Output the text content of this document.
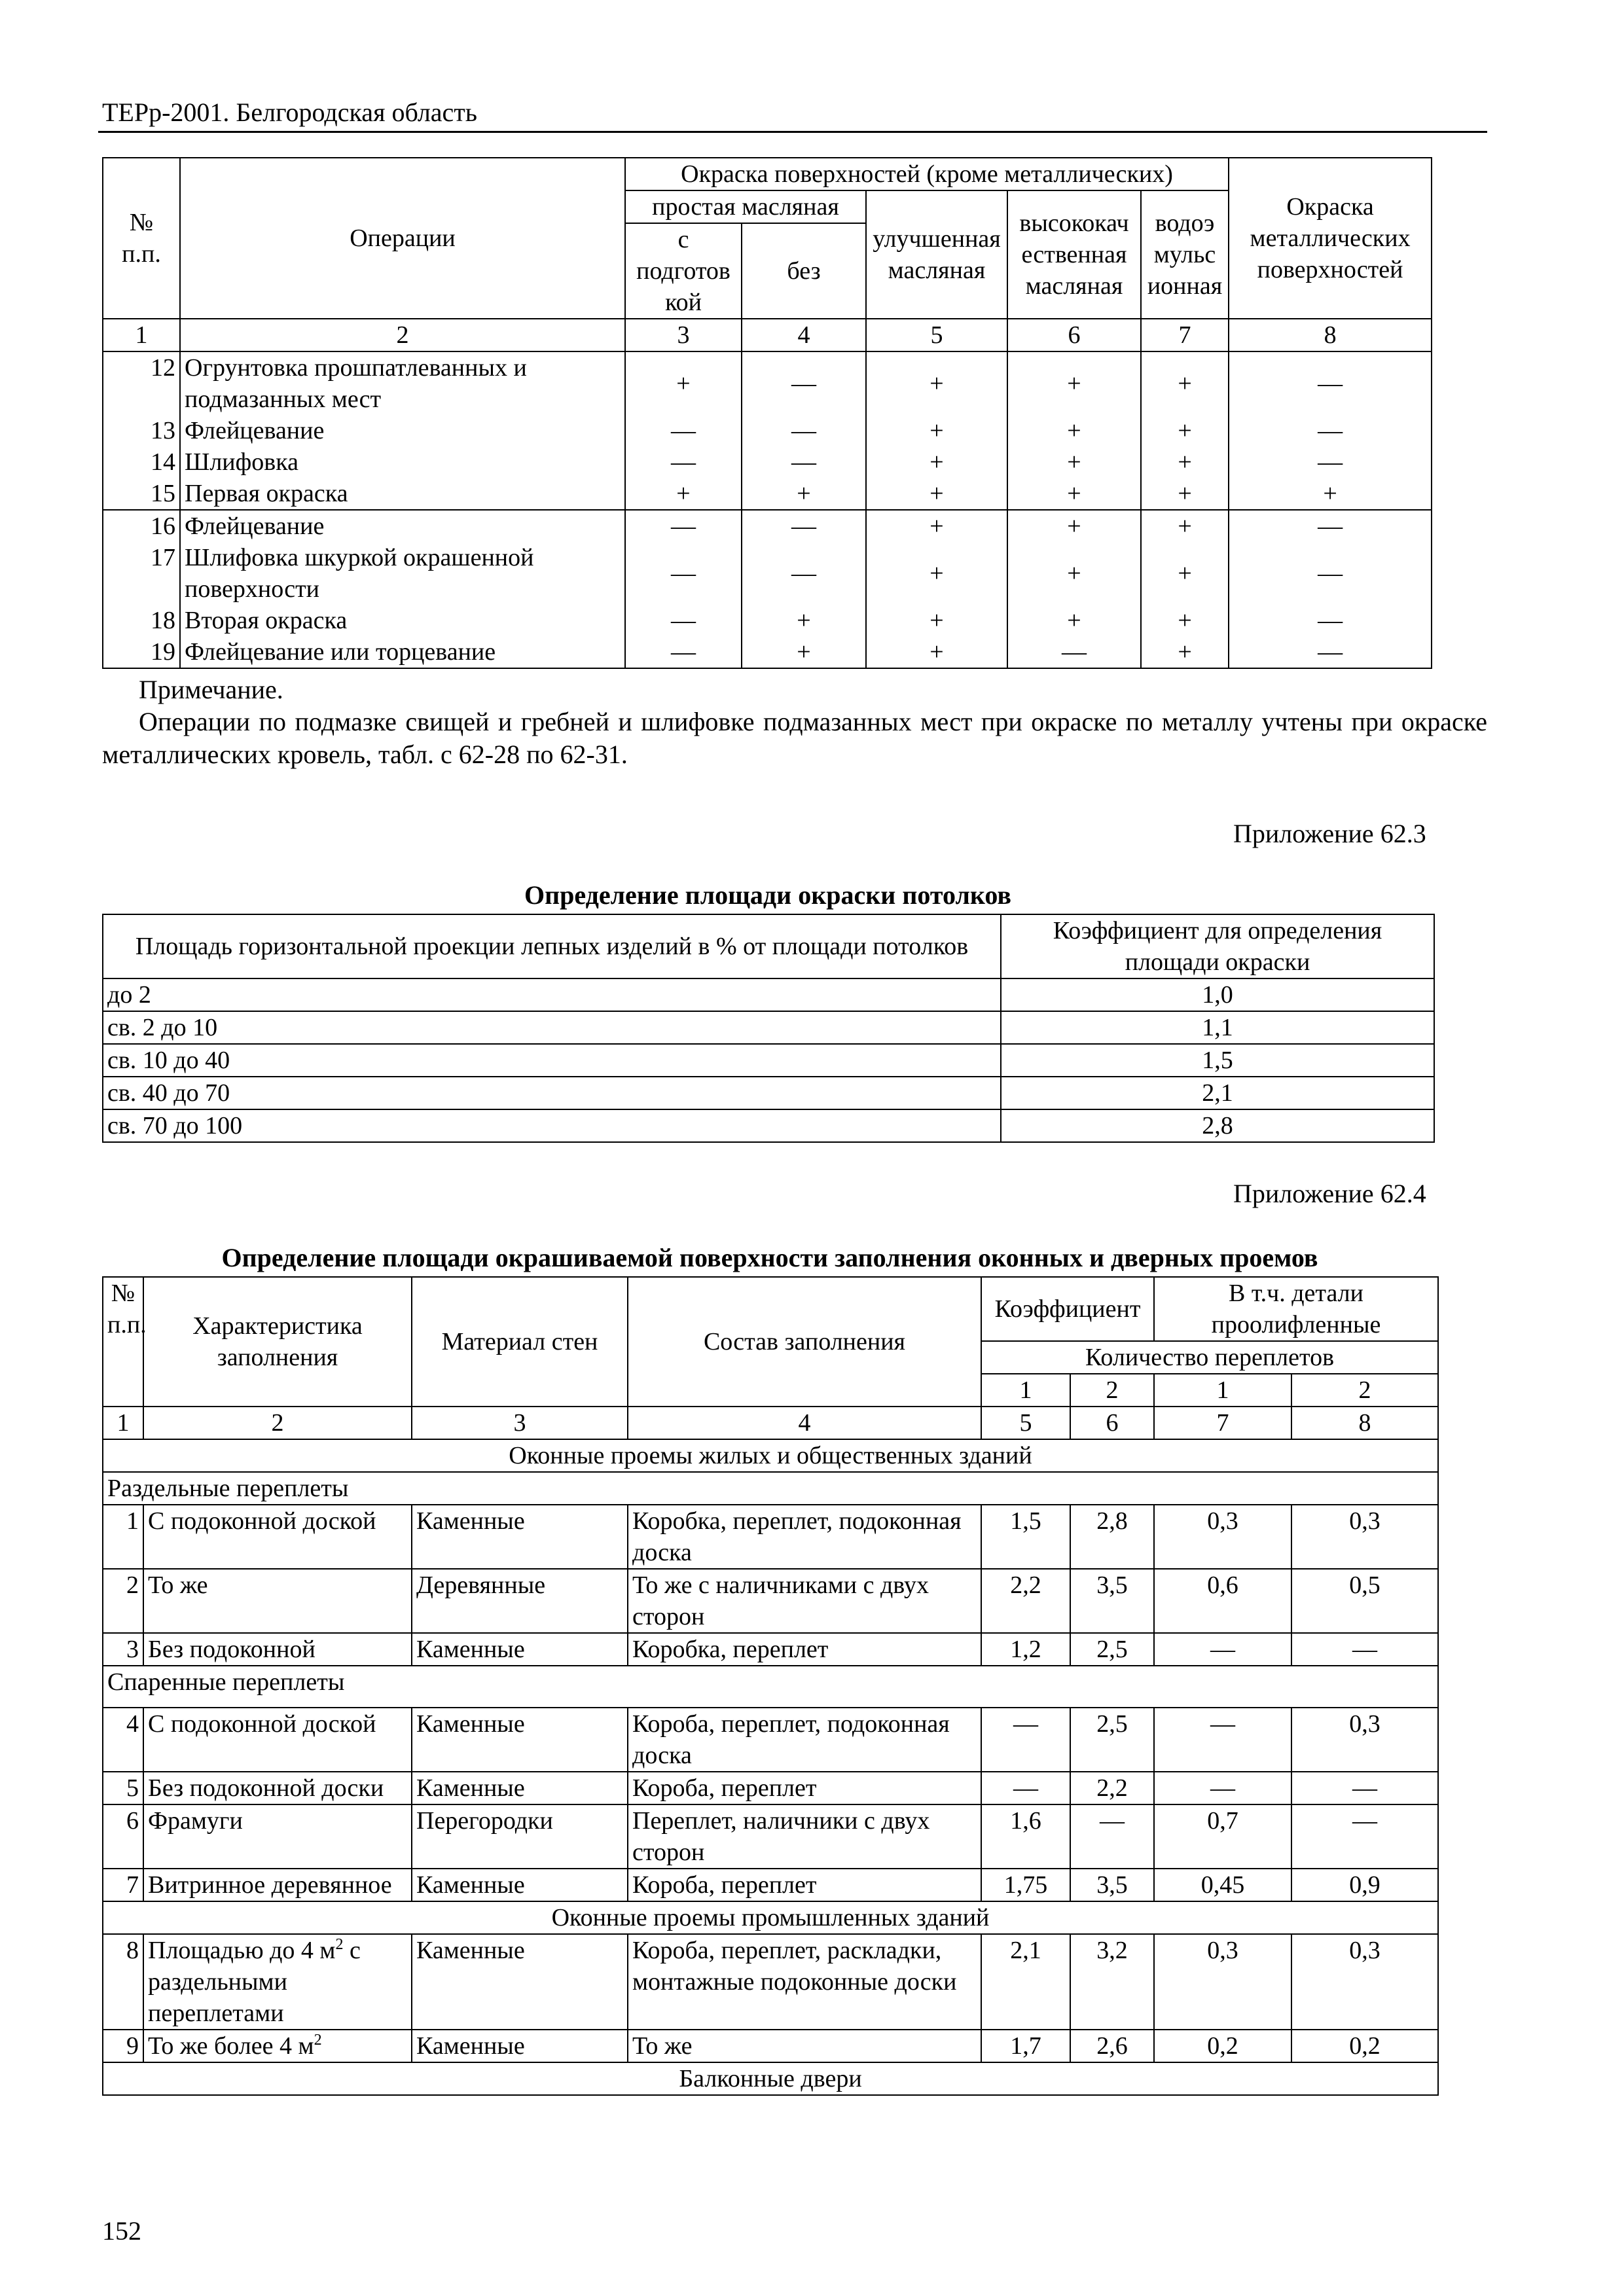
ТЕРр-2001. Белгородская область
№ п.п.	Операции	Окраска поверхностей (кроме металлических)					Окраска металлических поверхностей
		простая масляная		улучшенная масляная	высококач ественная масляная	водоэ мульс ионная	
		с подготов кой	без				
1	2	3	4	5	6	7	8
12	Огрунтовка прошпатлеванных и подмазанных мест	+	—	+	+	+	—
13	Флейцевание	—	—	+	+	+	—
14	Шлифовка	—	—	+	+	+	—
15	Первая окраска	+	+	+	+	+	+
16	Флейцевание	—	—	+	+	+	—
17	Шлифовка шкуркой окрашенной поверхности	—	—	+	+	+	—
18	Вторая окраска	—	+	+	+	+	—
19	Флейцевание или торцевание	—	+	+	—	+	—
Примечание.
Операции по подмазке свищей и гребней и шлифовке подмазанных мест при окраске по металлу учтены при окраске металлических кровель, табл. с 62-28 по 62-31.
Приложение 62.3
Определение площади окраски потолков
Площадь горизонтальной проекции лепных изделий в % от площади потолков	Коэффициент для определения площади окраски
до 2	1,0
св. 2 до 10	1,1
св. 10 до 40	1,5
св. 40 до 70	2,1
св. 70 до 100	2,8
Приложение 62.4
Определение площади окрашиваемой поверхности заполнения оконных и дверных проемов
№ п.п.	Характеристика заполнения	Материал стен	Состав заполнения	Коэффициент		В т.ч. детали проолифленные	
				Количество переплетов			
				1	2	1	2
1	2	3	4	5	6	7	8
Оконные проемы жилых и общественных зданий							
Раздельные переплеты							
1	С подоконной доской	Каменные	Коробка, переплет, подоконная доска	1,5	2,8	0,3	0,3
2	То же	Деревянные	То же с наличниками с двух сторон	2,2	3,5	0,6	0,5
3	Без подоконной	Каменные	Коробка, переплет	1,2	2,5	—	—
Спаренные переплеты							
4	С подоконной доской	Каменные	Короба, переплет, подоконная доска	—	2,5	—	0,3
5	Без подоконной доски	Каменные	Короба, переплет	—	2,2	—	—
6	Фрамуги	Перегородки	Переплет, наличники с двух сторон	1,6	—	0,7	—
7	Витринное деревянное	Каменные	Короба, переплет	1,75	3,5	0,45	0,9
Оконные проемы промышленных зданий							
8	Площадью до 4 $м^2$ с раздельными переплетами	Каменные	Короба, переплет, раскладки, монтажные подоконные доски	2,1	3,2	0,3	0,3
9	То же более 4 $м^2$	Каменные	То же	1,7	2,6	0,2	0,2
Балконные двери							
152
